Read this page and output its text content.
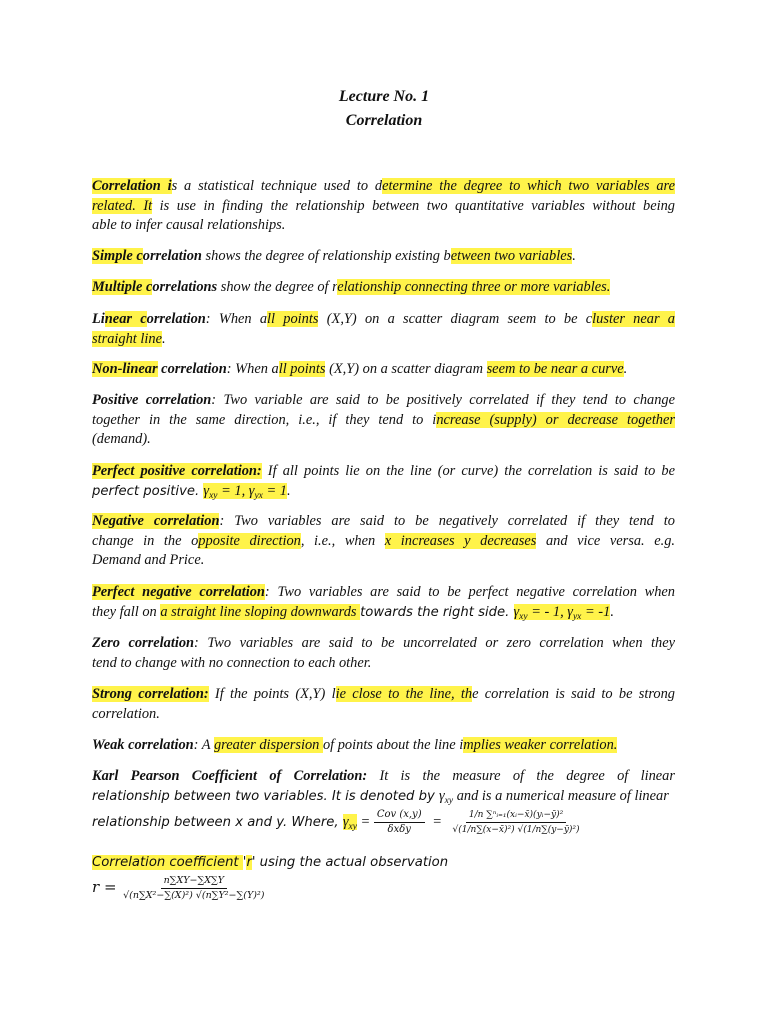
Lecture No. 1
Correlation
Correlation is a statistical technique used to determine the degree to which two variables are
related. It is use in finding the relationship between two quantitative variables without being
able to infer causal relationships.
Simple correlation shows the degree of relationship existing between two variables.
Multiple correlations show the degree of relationship connecting three or more variables.
Linear correlation: When all points (X,Y) on a scatter diagram seem to be cluster near a
straight line.
Non-linear correlation: When all points (X,Y) on a scatter diagram seem to be near a curve.
Positive correlation: Two variable are said to be positively correlated if they tend to change
together in the same direction, i.e., if they tend to increase (supply) or decrease together
(demand).
Perfect positive correlation: If all points lie on the line (or curve) the correlation is said to be
perfect positive. $\gamma_{xy} = 1$, $\gamma_{yx} = 1$.
Negative correlation: Two variables are said to be negatively correlated if they tend to
change in the opposite direction, i.e., when x increases y decreases and vice versa. e.g.
Demand and Price.
Perfect negative correlation: Two variables are said to be perfect negative correlation when
they fall on a straight line sloping downwards towards the right side. $\gamma_{xy}$ = - 1, $\gamma_{yx} = -1$.
Zero correlation: Two variables are said to be uncorrelated or zero correlation when they
tend to change with no connection to each other.
Strong correlation: If the points (X,Y) lie close to the line, the correlation is said to be strong
correlation.
Weak correlation: A greater dispersion of points about the line implies weaker correlation.
Karl Pearson Coefficient of Correlation: It is the measure of the degree of linear
relationship between two variables. It is denoted by $\gamma_{xy}$ and is a numerical measure of linear
relationship between x and y. Where, $\gamma_{xy} = \frac{\text{Cov (x,y)}}{\text{δxδy}} = \frac{\text{1/n ∑ⁿᵢ₌₁(xᵢ−x̄)(yᵢ−ȳ)²}}{\text{√(1/n∑(x−x̄)²) √(1/n∑(y−ȳ)²)}}$
Correlation coefficient 'r' using the actual observation
$r = \frac{n\sum XY-\sum X\sum Y}{\text{√(n∑X²−∑(X)²) √(n∑Y²−∑(Y)²)}}$
